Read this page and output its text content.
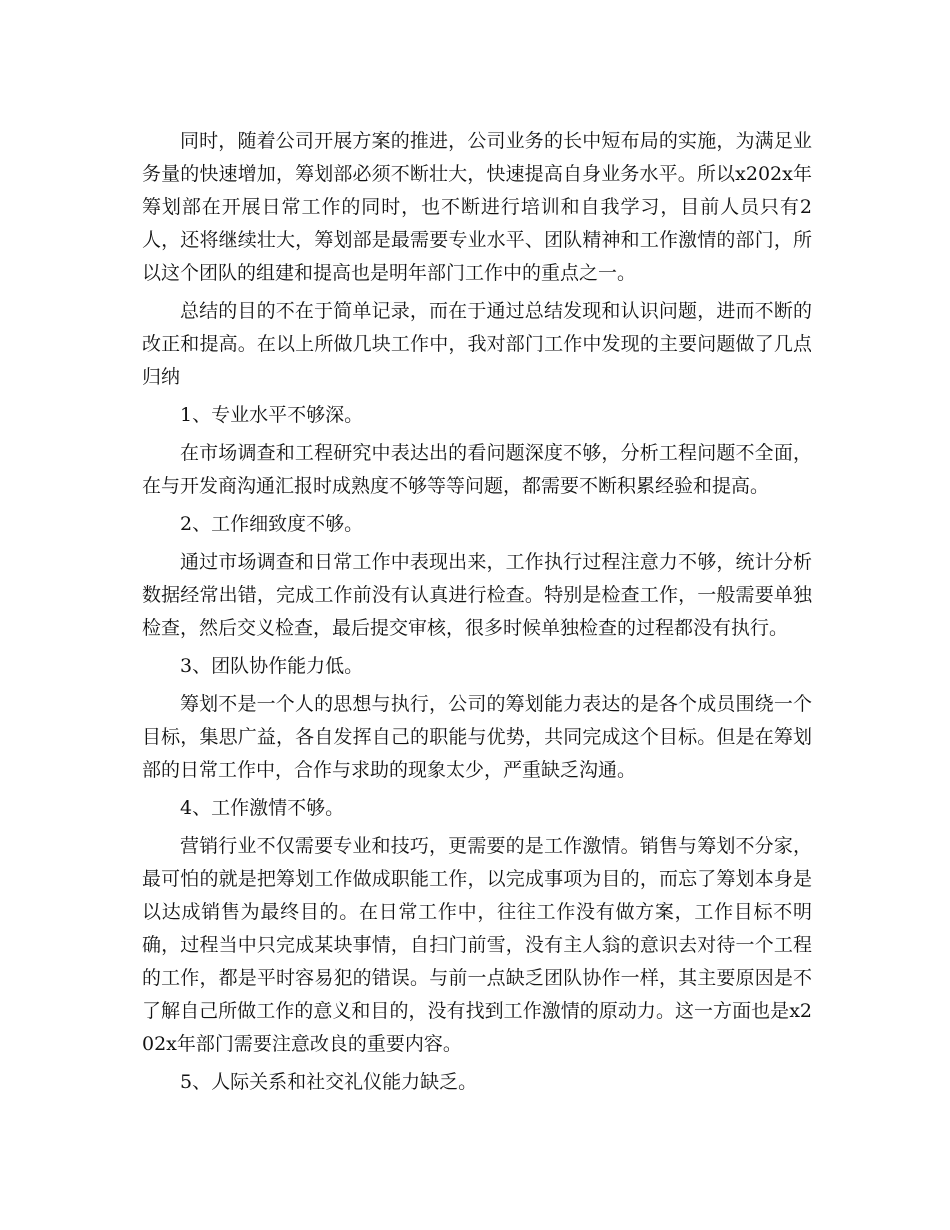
同时，随着公司开展方案的推进，公司业务的长中短布局的实施，为满足业务量的快速增加，筹划部必须不断壮大，快速提高自身业务水平。所以x202x年筹划部在开展日常工作的同时，也不断进行培训和自我学习，目前人员只有2人，还将继续壮大，筹划部是最需要专业水平、团队精神和工作激情的部门，所以这个团队的组建和提高也是明年部门工作中的重点之一。

总结的目的不在于简单记录，而在于通过总结发现和认识问题，进而不断的改正和提高。在以上所做几块工作中，我对部门工作中发现的主要问题做了几点归纳

1、专业水平不够深。

在市场调查和工程研究中表达出的看问题深度不够，分析工程问题不全面，在与开发商沟通汇报时成熟度不够等等问题，都需要不断积累经验和提高。

2、工作细致度不够。

通过市场调查和日常工作中表现出来，工作执行过程注意力不够，统计分析数据经常出错，完成工作前没有认真进行检查。特别是检查工作，一般需要单独检查，然后交义检查，最后提交审核，很多时候单独检查的过程都没有执行。

3、团队协作能力低。

筹划不是一个人的思想与执行，公司的筹划能力表达的是各个成员围绕一个目标，集思广益，各自发挥自己的职能与优势，共同完成这个目标。但是在筹划部的日常工作中，合作与求助的现象太少，严重缺乏沟通。

4、工作激情不够。

营销行业不仅需要专业和技巧，更需要的是工作激情。销售与筹划不分家，最可怕的就是把筹划工作做成职能工作，以完成事项为目的，而忘了筹划本身是以达成销售为最终目的。在日常工作中，往往工作没有做方案，工作目标不明确，过程当中只完成某块事情，自扫门前雪，没有主人翁的意识去对待一个工程的工作，都是平时容易犯的错误。与前一点缺乏团队协作一样，其主要原因是不了解自己所做工作的意义和目的，没有找到工作激情的原动力。这一方面也是x202x年部门需要注意改良的重要内容。

5、人际关系和社交礼仪能力缺乏。
